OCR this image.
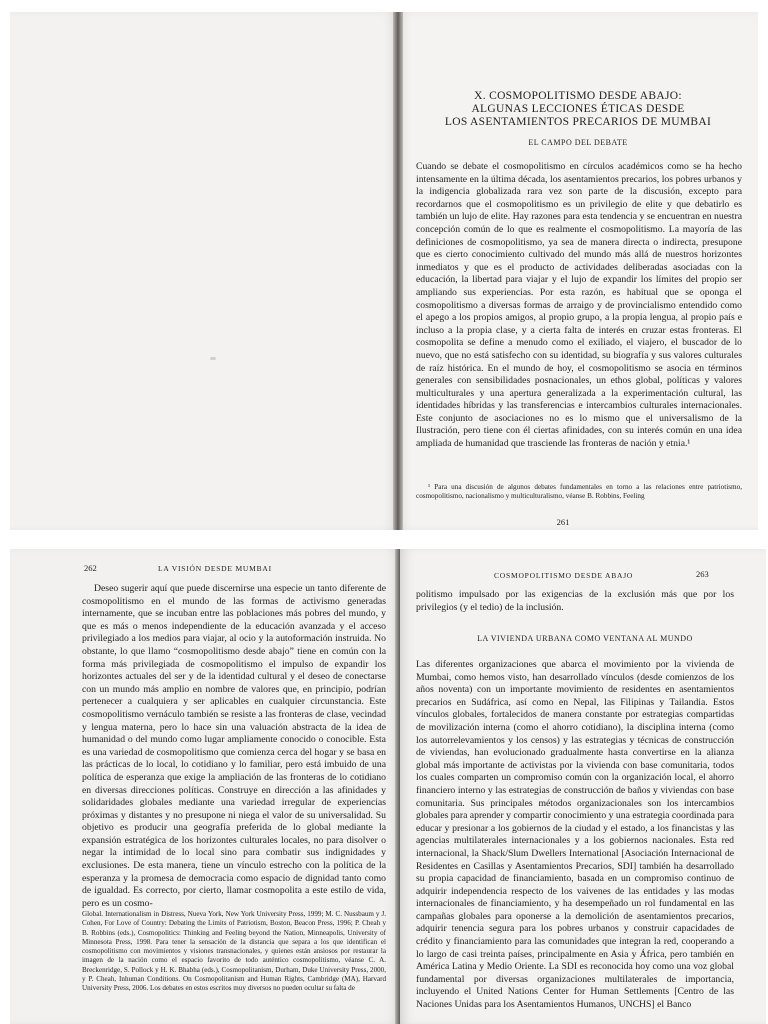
X. COSMOPOLITISMO DESDE ABAJO:
ALGUNAS LECCIONES ÉTICAS DESDE
LOS ASENTAMIENTOS PRECARIOS DE MUMBAI
EL CAMPO DEL DEBATE

Cuando se debate el cosmopolitismo en círculos académicos como se ha hecho intensamente en la última década, los asentamientos precarios, los pobres urbanos y la indigencia globalizada rara vez son parte de la discusión, excepto para recordarnos que el cosmopolitismo es un privilegio de elite y que debatirlo es también un lujo de elite. Hay razones para esta tendencia y se encuentran en nuestra concepción común de lo que es realmente el cosmopolitismo. La mayoría de las definiciones de cosmopolitismo, ya sea de manera directa o indirecta, presupone que es cierto conocimiento cultivado del mundo más allá de nuestros horizontes inmediatos y que es el producto de actividades deliberadas asociadas con la educación, la libertad para viajar y el lujo de expandir los límites del propio ser ampliando sus experiencias. Por esta razón, es habitual que se oponga el cosmopolitismo a diversas formas de arraigo y de provincialismo entendido como el apego a los propios amigos, al propio grupo, a la propia lengua, al propio país e incluso a la propia clase, y a cierta falta de interés en cruzar estas fronteras. El cosmopolita se define a menudo como el exiliado, el viajero, el buscador de lo nuevo, que no está satisfecho con su identidad, su biografía y sus valores culturales de raíz histórica. En el mundo de hoy, el cosmopolitismo se asocia en términos generales con sensibilidades posnacionales, un ethos global, políticas y valores multiculturales y una apertura generalizada a la experimentación cultural, las identidades híbridas y las transferencias e intercambios culturales internacionales. Este conjunto de asociaciones no es lo mismo que el universalismo de la Ilustración, pero tiene con él ciertas afinidades, con su interés común en una idea ampliada de humanidad que trasciende las fronteras de nación y etnia.¹

¹ Para una discusión de algunos debates fundamentales en torno a las relaciones entre patriotismo, cosmopolitismo, nacionalismo y multiculturalismo, véanse B. Robbins, Feeling

261
262	LA VISIÓN DESDE MUMBAI

Deseo sugerir aquí que puede discernirse una especie un tanto diferente de cosmopolitismo en el mundo de las formas de activismo generadas internamente, que se incuban entre las poblaciones más pobres del mundo, y que es más o menos independiente de la educación avanzada y el acceso privilegiado a los medios para viajar, al ocio y la autoformación instruida. No obstante, lo que llamo “cosmopolitismo desde abajo” tiene en común con la forma más privilegiada de cosmopolitismo el impulso de expandir los horizontes actuales del ser y de la identidad cultural y el deseo de conectarse con un mundo más amplio en nombre de valores que, en principio, podrían pertenecer a cualquiera y ser aplicables en cualquier circunstancia. Este cosmopolitismo vernáculo también se resiste a las fronteras de clase, vecindad y lengua materna, pero lo hace sin una valuación abstracta de la idea de humanidad o del mundo como lugar ampliamente conocido o conocible. Esta es una variedad de cosmopolitismo que comienza cerca del hogar y se basa en las prácticas de lo local, lo cotidiano y lo familiar, pero está imbuido de una política de esperanza que exige la ampliación de las fronteras de lo cotidiano en diversas direcciones políticas. Construye en dirección a las afinidades y solidaridades globales mediante una variedad irregular de experiencias próximas y distantes y no presupone ni niega el valor de su universalidad. Su objetivo es producir una geografía preferida de lo global mediante la expansión estratégica de los horizontes culturales locales, no para disolver o negar la intimidad de lo local sino para combatir sus indignidades y exclusiones. De esta manera, tiene un vínculo estrecho con la política de la esperanza y la promesa de democracia como espacio de dignidad tanto como de igualdad. Es correcto, por cierto, llamar cosmopolita a este estilo de vida, pero es un cosmo-

Global. Internationalism in Distress, Nueva York, New York University Press, 1999; M. C. Nussbaum y J. Cohen, For Love of Country: Debating the Limits of Patriotism, Boston, Beacon Press, 1996; P. Cheah y B. Robbins (eds.), Cosmopolitics: Thinking and Feeling beyond the Nation, Minneapolis, University of Minnesota Press, 1998. Para tener la sensación de la distancia que separa a los que identifican el cosmopolitismo con movimientos y visiones transnacionales, y quienes están ansiosos por restaurar la imagen de la nación como el espacio favorito de todo auténtico cosmopolitismo, véanse C. A. Breckenridge, S. Pollock y H. K. Bhabha (eds.), Cosmopolitanism, Durham, Duke University Press, 2000, y P. Cheah, Inhuman Conditions. On Cosmopolitanism and Human Rights, Cambridge (MA), Harvard University Press, 2006. Los debates en estos escritos muy diversos no pueden ocultar su falta de

COSMOPOLITISMO DESDE ABAJO	263

politismo impulsado por las exigencias de la exclusión más que por los privilegios (y el tedio) de la inclusión.

LA VIVIENDA URBANA COMO VENTANA AL MUNDO

Las diferentes organizaciones que abarca el movimiento por la vivienda de Mumbai, como hemos visto, han desarrollado vínculos (desde comienzos de los años noventa) con un importante movimiento de residentes en asentamientos precarios en Sudáfrica, así como en Nepal, las Filipinas y Tailandia. Estos vínculos globales, fortalecidos de manera constante por estrategias compartidas de movilización interna (como el ahorro cotidiano), la disciplina interna (como los autorrelevamientos y los censos) y las estrategias y técnicas de construcción de viviendas, han evolucionado gradualmente hasta convertirse en la alianza global más importante de activistas por la vivienda con base comunitaria, todos los cuales comparten un compromiso común con la organización local, el ahorro financiero interno y las estrategias de construcción de baños y viviendas con base comunitaria. Sus principales métodos organizacionales son los intercambios globales para aprender y compartir conocimiento y una estrategia coordinada para educar y presionar a los gobiernos de la ciudad y el estado, a los financistas y las agencias multilaterales internacionales y a los gobiernos nacionales. Esta red internacional, la Shack/Slum Dwellers International [Asociación Internacional de Residentes en Casillas y Asentamientos Precarios, SDI] también ha desarrollado su propia capacidad de financiamiento, basada en un compromiso continuo de adquirir independencia respecto de los vaivenes de las entidades y las modas internacionales de financiamiento, y ha desempeñado un rol fundamental en las campañas globales para oponerse a la demolición de asentamientos precarios, adquirir tenencia segura para los pobres urbanos y construir capacidades de crédito y financiamiento para las comunidades que integran la red, cooperando a lo largo de casi treinta países, principalmente en Asia y África, pero también en América Latina y Medio Oriente. La SDI es reconocida hoy como una voz global fundamental por diversas organizaciones multilaterales de importancia, incluyendo el United Nations Center for Human Settlements [Centro de las Naciones Unidas para los Asentamientos Humanos, UNCHS] el Banco
